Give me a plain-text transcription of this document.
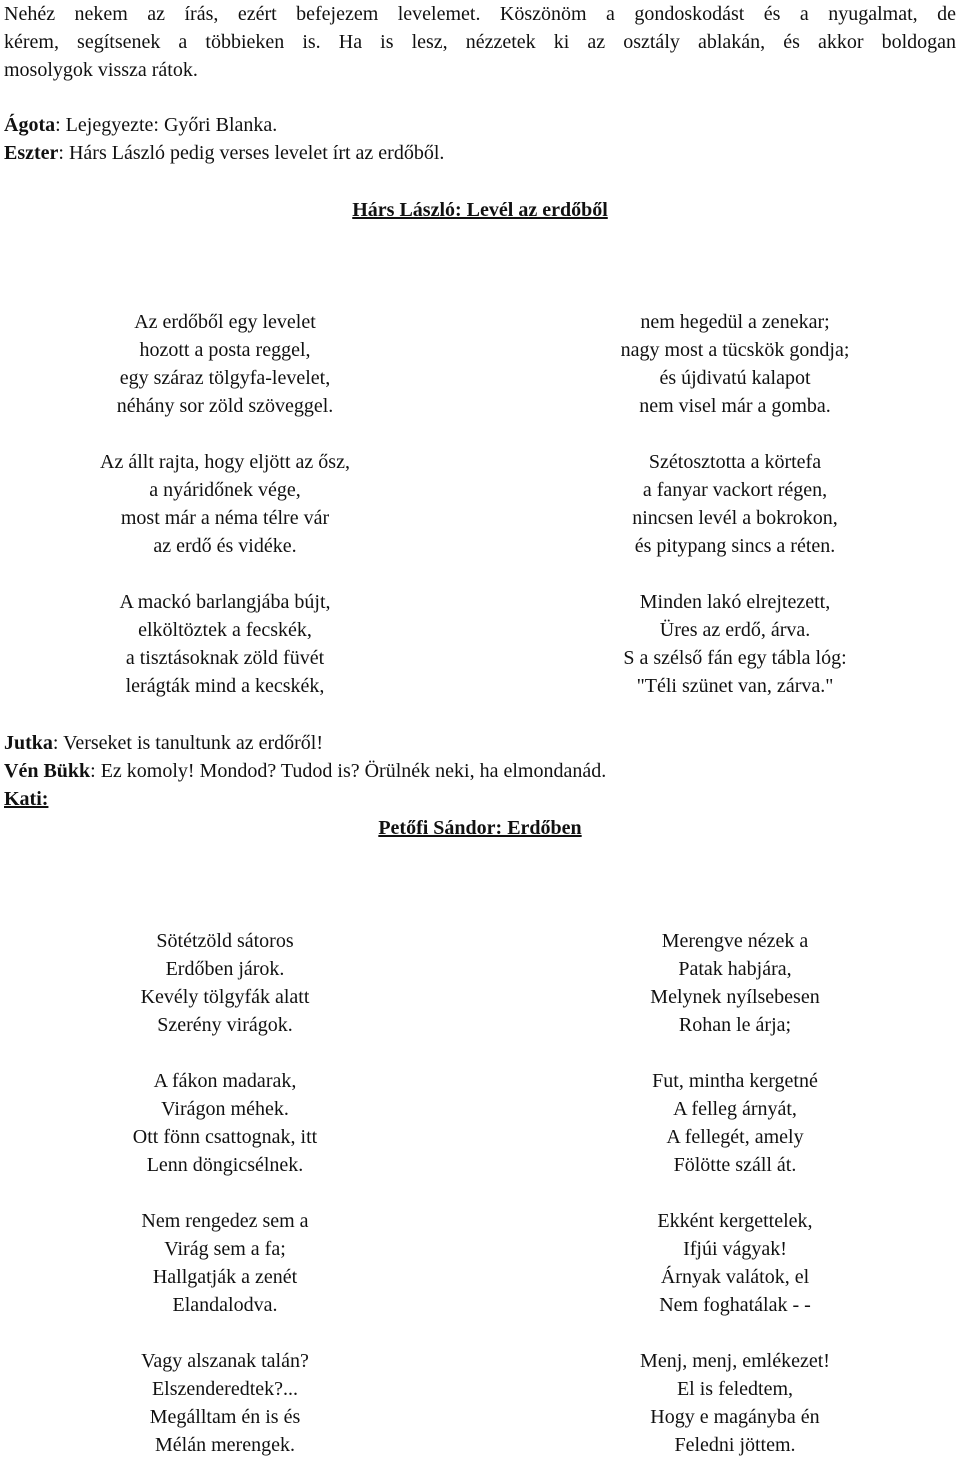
Nehéz nekem az írás, ezért befejezem levelemet. Köszönöm a gondoskodást és a nyugalmat, de
kérem, segítsenek a többieken is. Ha is lesz, nézzetek ki az osztály ablakán, és akkor boldogan
mosolygok vissza rátok.
Ágota: Lejegyezte: Győri Blanka.
Eszter: Hárs László pedig verses levelet írt az erdőből.
Hárs László: Levél az erdőből
Az erdőből egy levelet
hozott a posta reggel,
egy száraz tölgyfa-levelet,
néhány sor zöld szöveggel.
Az állt rajta, hogy eljött az ősz,
a nyáridőnek vége,
most már a néma télre vár
az erdő és vidéke.
A mackó barlangjába bújt,
elköltöztek a fecskék,
a tisztásoknak zöld füvét
lerágták mind a kecskék,
nem hegedül a zenekar;
nagy most a tücskök gondja;
és újdivatú kalapot
nem visel már a gomba.
Szétosztotta a körtefa
a fanyar vackort régen,
nincsen levél a bokrokon,
és pitypang sincs a réten.
Minden lakó elrejtezett,
Üres az erdő, árva.
S a szélső fán egy tábla lóg:
"Téli szünet van, zárva."
Jutka: Verseket is tanultunk az erdőről!
Vén Bükk: Ez komoly! Mondod? Tudod is? Örülnék neki, ha elmondanád.
Kati:
Petőfi Sándor: Erdőben
Sötétzöld sátoros
Erdőben járok.
Kevély tölgyfák alatt
Szerény virágok.
A fákon madarak,
Virágon méhek.
Ott fönn csattognak, itt
Lenn döngicsélnek.
Nem rengedez sem a
Virág sem a fa;
Hallgatják a zenét
Elandalodva.
Vagy alszanak talán?
Elszenderedtek?...
Megálltam én is és
Mélán merengek.
Merengve nézek a
Patak habjára,
Melynek nyílsebesen
Rohan le árja;
Fut, mintha kergetné
A felleg árnyát,
A fellegét, amely
Fölötte száll át.
Ekként kergettelek,
Ifjúi vágyak!
Árnyak valátok, el
Nem foghatálak - -
Menj, menj, emlékezet!
El is feledtem,
Hogy e magányba én
Feledni jöttem.
